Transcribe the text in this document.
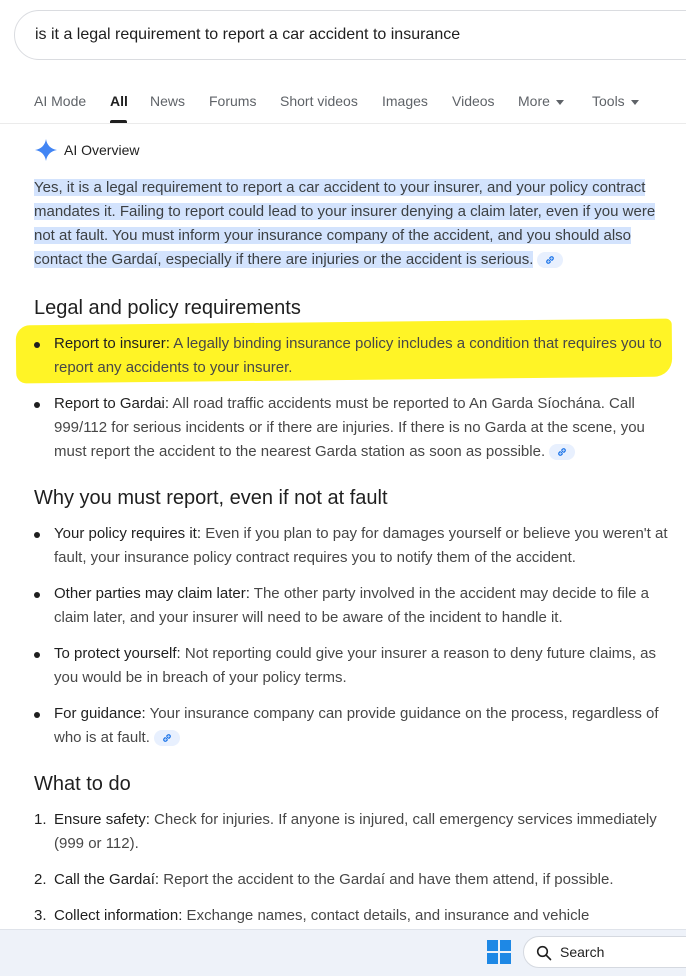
is it a legal requirement to report a car accident to insurance
AI Mode All News Forums Short videos Images Videos More	Tools
AI Overview
Yes, it is a legal requirement to report a car accident to your insurer, and your policy contract mandates it. Failing to report could lead to your insurer denying a claim later, even if you were not at fault. You must inform your insurance company of the accident, and you should also contact the Gardaí, especially if there are injuries or the accident is serious.
Legal and policy requirements
Report to insurer: A legally binding insurance policy includes a condition that requires you to report any accidents to your insurer.
Report to Gardai: All road traffic accidents must be reported to An Garda Síochána. Call 999/112 for serious incidents or if there are injuries. If there is no Garda at the scene, you must report the accident to the nearest Garda station as soon as possible.
Why you must report, even if not at fault
Your policy requires it: Even if you plan to pay for damages yourself or believe you weren't at fault, your insurance policy contract requires you to notify them of the accident.
Other parties may claim later: The other party involved in the accident may decide to file a claim later, and your insurer will need to be aware of the incident to handle it.
To protect yourself: Not reporting could give your insurer a reason to deny future claims, as you would be in breach of your policy terms.
For guidance: Your insurance company can provide guidance on the process, regardless of who is at fault.
What to do
1. Ensure safety: Check for injuries. If anyone is injured, call emergency services immediately (999 or 112).
2. Call the Gardaí: Report the accident to the Gardaí and have them attend, if possible.
3. Collect information: Exchange names, contact details, and insurance and vehicle
Search
